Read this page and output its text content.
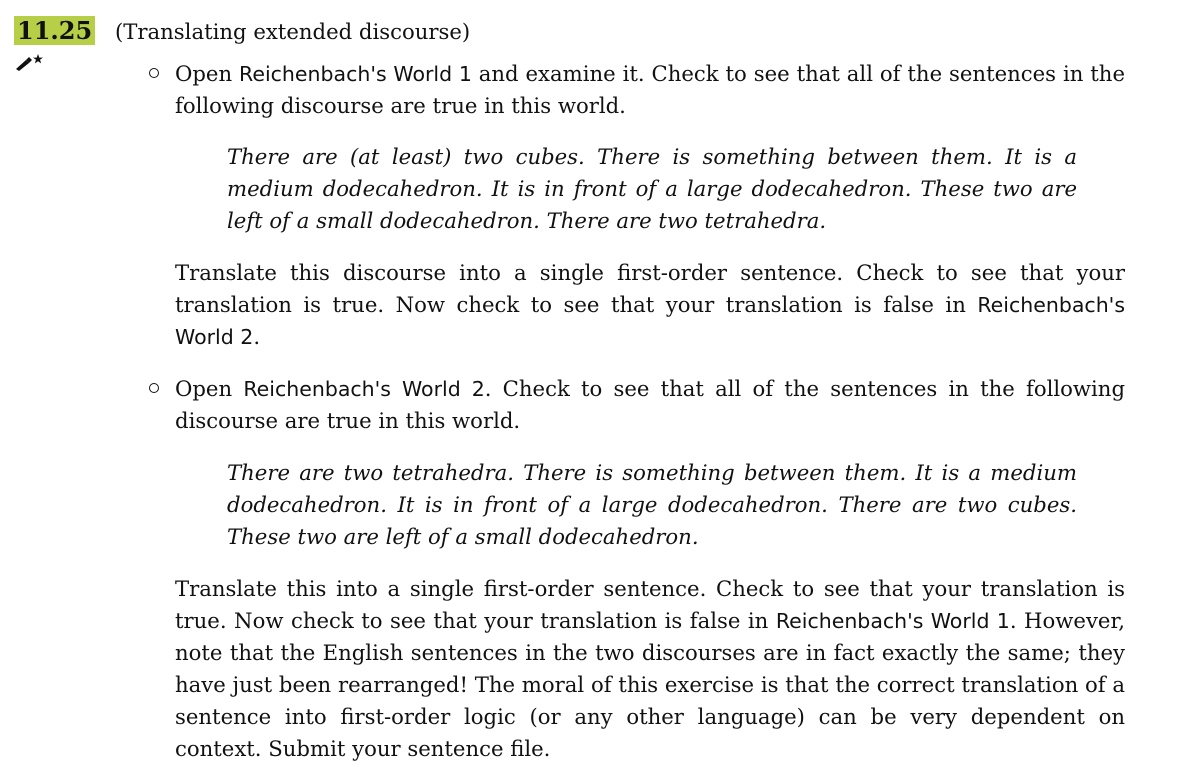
11.25 (Translating extended discourse)

Open Reichenbach's World 1 and examine it. Check to see that all of the sentences in the following discourse are true in this world.

There are (at least) two cubes. There is something between them. It is a medium dodecahedron. It is in front of a large dodecahedron. These two are left of a small dodecahedron. There are two tetrahedra.

Translate this discourse into a single first-order sentence. Check to see that your translation is true. Now check to see that your translation is false in Reichenbach's World 2.

Open Reichenbach's World 2. Check to see that all of the sentences in the following discourse are true in this world.

There are two tetrahedra. There is something between them. It is a medium dodecahedron. It is in front of a large dodecahedron. There are two cubes. These two are left of a small dodecahedron.

Translate this into a single first-order sentence. Check to see that your translation is true. Now check to see that your translation is false in Reichenbach's World 1. However, note that the English sentences in the two discourses are in fact exactly the same; they have just been rearranged! The moral of this exercise is that the correct translation of a sentence into first-order logic (or any other language) can be very dependent on context. Submit your sentence file.
